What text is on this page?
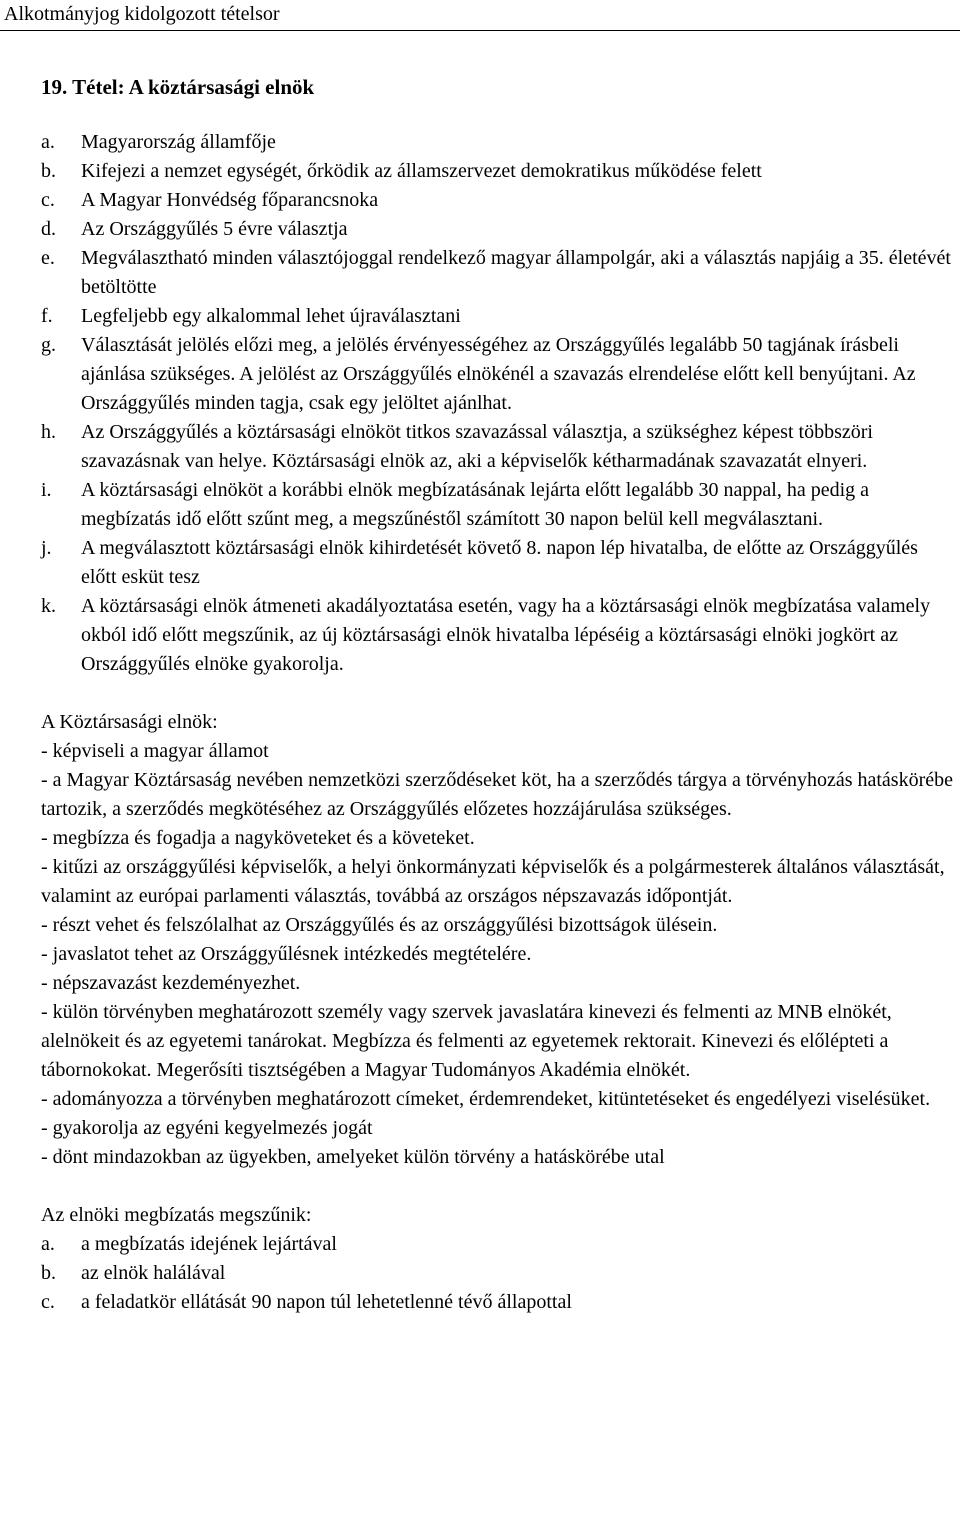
Alkotmányjog kidolgozott tételsor
19. Tétel: A köztársasági elnök
a. Magyarország államfője
b. Kifejezi a nemzet egységét, őrködik az államszervezet demokratikus működése felett
c. A Magyar Honvédség főparancsnoka
d. Az Országgyűlés 5 évre választja
e. Megválasztható minden választójoggal rendelkező magyar állampolgár, aki a választás napjáig a 35. életévét betöltötte
f. Legfeljebb egy alkalommal lehet újraválasztani
g. Választását jelölés előzi meg, a jelölés érvényességéhez az Országgyűlés legalább 50 tagjának írásbeli ajánlása szükséges. A jelölést az Országgyűlés elnökénél a szavazás elrendelése előtt kell benyújtani. Az Országgyűlés minden tagja, csak egy jelöltet ajánlhat.
h. Az Országgyűlés a köztársasági elnököt titkos szavazással választja, a szükséghez képest többszöri szavazásnak van helye. Köztársasági elnök az, aki a képviselők kétharmadának szavazatát elnyeri.
i. A köztársasági elnököt a korábbi elnök megbízatásának lejárta előtt legalább 30 nappal, ha pedig a megbízatás idő előtt szűnt meg, a megszűnéstől számított 30 napon belül kell megválasztani.
j. A megválasztott köztársasági elnök kihirdetését követő 8. napon lép hivatalba, de előtte az Országgyűlés előtt esküt tesz
k. A köztársasági elnök átmeneti akadályoztatása esetén, vagy ha a köztársasági elnök megbízatása valamely okból idő előtt megszűnik, az új köztársasági elnök hivatalba lépéséig a köztársasági elnöki jogkört az Országgyűlés elnöke gyakorolja.
A Köztársasági elnök:

- képviseli a magyar államot

- a Magyar Köztársaság nevében nemzetközi szerződéseket köt, ha a szerződés tárgya a törvényhozás hatáskörébe tartozik, a szerződés megkötéséhez az Országgyűlés előzetes hozzájárulása szükséges.

- megbízza és fogadja a nagyköveteket és a követeket.

- kitűzi az országgyűlési képviselők, a helyi önkormányzati képviselők és a polgármesterek általános választását, valamint az európai parlamenti választás, továbbá az országos népszavazás időpontját.

- részt vehet és felszólalhat az Országgyűlés és az országgyűlési bizottságok ülésein.

- javaslatot tehet az Országgyűlésnek intézkedés megtételére.

- népszavazást kezdeményezhet.

- külön törvényben meghatározott személy vagy szervek javaslatára kinevezi és felmenti az MNB elnökét, alelnökeit és az egyetemi tanárokat. Megbízza és felmenti az egyetemek rektorait. Kinevezi és előlépteti a tábornokokat. Megerősíti tisztségében a Magyar Tudományos Akadémia elnökét.

- adományozza a törvényben meghatározott címeket, érdemrendeket, kitüntetéseket és engedélyezi viselésüket.

- gyakorolja az egyéni kegyelmezés jogát

- dönt mindazokban az ügyekben, amelyeket külön törvény a hatáskörébe utal

Az elnöki megbízatás megszűnik:
a. a megbízatás idejének lejártával
b. az elnök halálával
c. a feladatkör ellátását 90 napon túl lehetetlenné tévő állapottal
